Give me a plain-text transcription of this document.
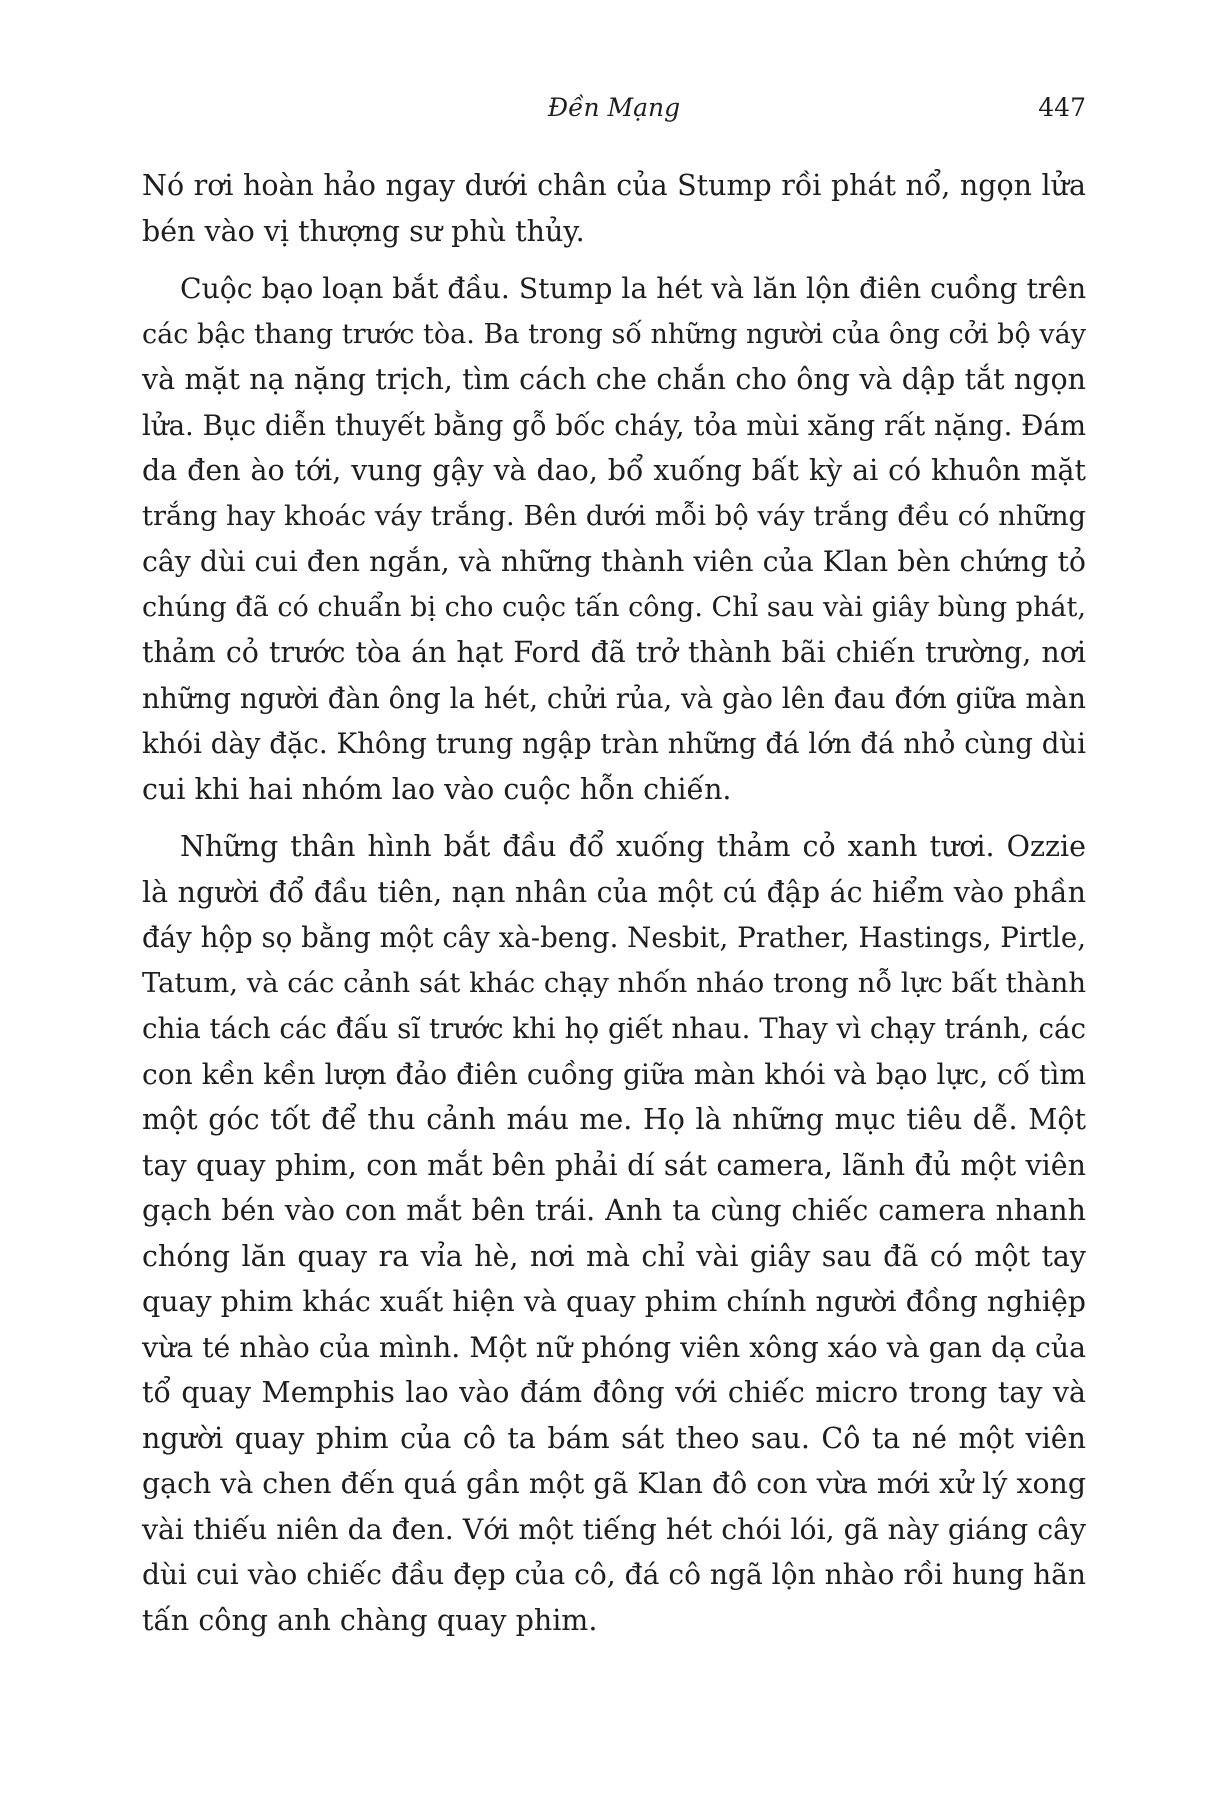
Đền Mạng	447
Nó rơi hoàn hảo ngay dưới chân của Stump rồi phát nổ, ngọn lửa
bén vào vị thượng sư phù thủy.
Cuộc bạo loạn bắt đầu. Stump la hét và lăn lộn điên cuồng trên
các bậc thang trước tòa. Ba trong số những người của ông cởi bộ váy
và mặt nạ nặng trịch, tìm cách che chắn cho ông và dập tắt ngọn
lửa. Bục diễn thuyết bằng gỗ bốc cháy, tỏa mùi xăng rất nặng. Đám
da đen ào tới, vung gậy và dao, bổ xuống bất kỳ ai có khuôn mặt
trắng hay khoác váy trắng. Bên dưới mỗi bộ váy trắng đều có những
cây dùi cui đen ngắn, và những thành viên của Klan bèn chứng tỏ
chúng đã có chuẩn bị cho cuộc tấn công. Chỉ sau vài giây bùng phát,
thảm cỏ trước tòa án hạt Ford đã trở thành bãi chiến trường, nơi
những người đàn ông la hét, chửi rủa, và gào lên đau đớn giữa màn
khói dày đặc. Không trung ngập tràn những đá lớn đá nhỏ cùng dùi
cui khi hai nhóm lao vào cuộc hỗn chiến.
Những thân hình bắt đầu đổ xuống thảm cỏ xanh tươi. Ozzie
là người đổ đầu tiên, nạn nhân của một cú đập ác hiểm vào phần
đáy hộp sọ bằng một cây xà-beng. Nesbit, Prather, Hastings, Pirtle,
Tatum, và các cảnh sát khác chạy nhốn nháo trong nỗ lực bất thành
chia tách các đấu sĩ trước khi họ giết nhau. Thay vì chạy tránh, các
con kền kền lượn đảo điên cuồng giữa màn khói và bạo lực, cố tìm
một góc tốt để thu cảnh máu me. Họ là những mục tiêu dễ. Một
tay quay phim, con mắt bên phải dí sát camera, lãnh đủ một viên
gạch bén vào con mắt bên trái. Anh ta cùng chiếc camera nhanh
chóng lăn quay ra vỉa hè, nơi mà chỉ vài giây sau đã có một tay
quay phim khác xuất hiện và quay phim chính người đồng nghiệp
vừa té nhào của mình. Một nữ phóng viên xông xáo và gan dạ của
tổ quay Memphis lao vào đám đông với chiếc micro trong tay và
người quay phim của cô ta bám sát theo sau. Cô ta né một viên
gạch và chen đến quá gần một gã Klan đô con vừa mới xử lý xong
vài thiếu niên da đen. Với một tiếng hét chói lói, gã này giáng cây
dùi cui vào chiếc đầu đẹp của cô, đá cô ngã lộn nhào rồi hung hãn
tấn công anh chàng quay phim.
